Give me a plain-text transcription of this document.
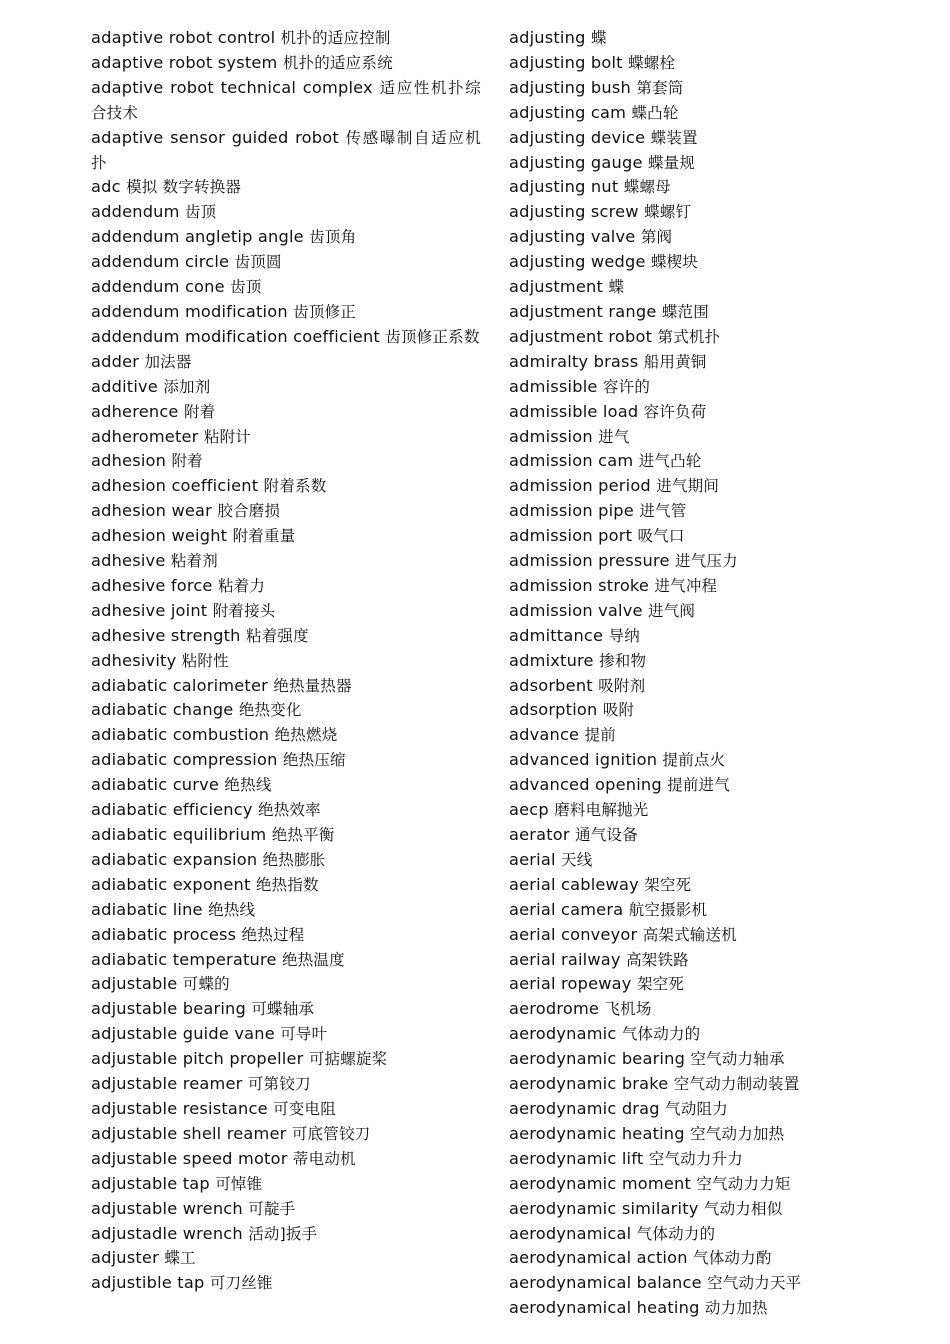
adaptive robot control 机扑的适应控制
adaptive robot system 机扑的适应系统
adaptive robot technical complex 适应性机扑综合技术
adaptive sensor guided robot 传感曝制自适应机扑
adc 模拟 数字转换器
addendum 齿顶
addendum angletip angle 齿顶角
addendum circle 齿顶圆
addendum cone 齿顶
addendum modification 齿顶修正
addendum modification coefficient 齿顶修正系数
adder 加法器
additive 添加剂
adherence 附着
adherometer 粘附计
adhesion 附着
adhesion coefficient 附着系数
adhesion wear 胶合磨损
adhesion weight 附着重量
adhesive 粘着剂
adhesive force 粘着力
adhesive joint 附着接头
adhesive strength 粘着强度
adhesivity 粘附性
adiabatic calorimeter 绝热量热器
adiabatic change 绝热变化
adiabatic combustion 绝热燃烧
adiabatic compression 绝热压缩
adiabatic curve 绝热线
adiabatic efficiency 绝热效率
adiabatic equilibrium 绝热平衡
adiabatic expansion 绝热膨胀
adiabatic exponent 绝热指数
adiabatic line 绝热线
adiabatic process 绝热过程
adiabatic temperature 绝热温度
adjustable 可蝶的
adjustable bearing 可蝶轴承
adjustable guide vane 可导叶
adjustable pitch propeller 可掂螺旋桨
adjustable reamer 可第铰刀
adjustable resistance 可变电阻
adjustable shell reamer 可底管铰刀
adjustable speed motor 蒂电动机
adjustable tap 可悼锥
adjustable wrench 可靛手
adjustadle wrench 活动]扳手
adjuster 蝶工
adjustible tap 可刀丝锥
adjusting 蝶
adjusting bolt 蝶螺栓
adjusting bush 第套筒
adjusting cam 蝶凸轮
adjusting device 蝶装置
adjusting gauge 蝶量规
adjusting nut 蝶螺母
adjusting screw 蝶螺钉
adjusting valve 第阀
adjusting wedge 蝶楔块
adjustment 蝶
adjustment range 蝶范围
adjustment robot 第式机扑
admiralty brass 船用黄铜
admissible 容许的
admissible load 容许负荷
admission 进气
admission cam 进气凸轮
admission period 进气期间
admission pipe 进气管
admission port 吸气口
admission pressure 进气压力
admission stroke 进气冲程
admission valve 进气阀
admittance 导纳
admixture 掺和物
adsorbent 吸附剂
adsorption 吸附
advance 提前
advanced ignition 提前点火
advanced opening 提前进气
aecp 磨料电解抛光
aerator 通气设备
aerial 天线
aerial cableway 架空死
aerial camera 航空摄影机
aerial conveyor 高架式输送机
aerial railway 高架铁路
aerial ropeway 架空死
aerodrome 飞机场
aerodynamic 气体动力的
aerodynamic bearing 空气动力轴承
aerodynamic brake 空气动力制动装置
aerodynamic drag 气动阻力
aerodynamic heating 空气动力加热
aerodynamic lift 空气动力升力
aerodynamic moment 空气动力力矩
aerodynamic similarity 气动力相似
aerodynamical 气体动力的
aerodynamical action 气体动力酌
aerodynamical balance 空气动力天平
aerodynamical heating 动力加热
